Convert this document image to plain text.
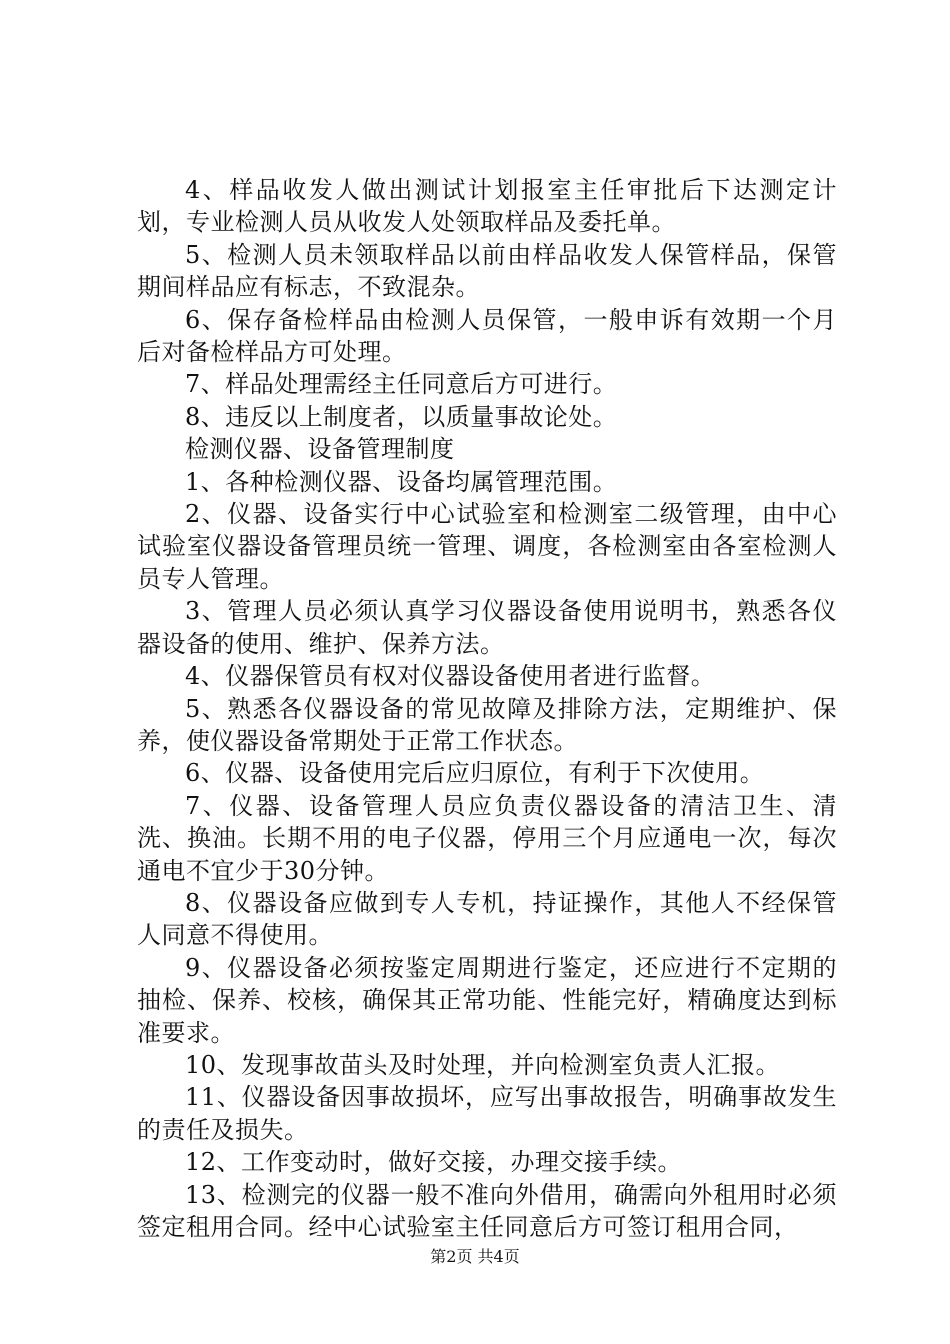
4、样品收发人做出测试计划报室主任审批后下达测定计划，专业检测人员从收发人处领取样品及委托单。

5、检测人员未领取样品以前由样品收发人保管样品，保管期间样品应有标志，不致混杂。

6、保存备检样品由检测人员保管，一般申诉有效期一个月后对备检样品方可处理。

7、样品处理需经主任同意后方可进行。

8、违反以上制度者，以质量事故论处。

检测仪器、设备管理制度

1、各种检测仪器、设备均属管理范围。

2、仪器、设备实行中心试验室和检测室二级管理，由中心试验室仪器设备管理员统一管理、调度，各检测室由各室检测人员专人管理。

3、管理人员必须认真学习仪器设备使用说明书，熟悉各仪器设备的使用、维护、保养方法。

4、仪器保管员有权对仪器设备使用者进行监督。

5、熟悉各仪器设备的常见故障及排除方法，定期维护、保养，使仪器设备常期处于正常工作状态。

6、仪器、设备使用完后应归原位，有利于下次使用。

7、仪器、设备管理人员应负责仪器设备的清洁卫生、清洗、换油。长期不用的电子仪器，停用三个月应通电一次，每次通电不宜少于30分钟。

8、仪器设备应做到专人专机，持证操作，其他人不经保管人同意不得使用。

9、仪器设备必须按鉴定周期进行鉴定，还应进行不定期的抽检、保养、校核，确保其正常功能、性能完好，精确度达到标准要求。

10、发现事故苗头及时处理，并向检测室负责人汇报。

11、仪器设备因事故损坏，应写出事故报告，明确事故发生的责任及损失。

12、工作变动时，做好交接，办理交接手续。

13、检测完的仪器一般不准向外借用，确需向外租用时必须签定租用合同。经中心试验室主任同意后方可签订租用合同，

第2页 共4页
